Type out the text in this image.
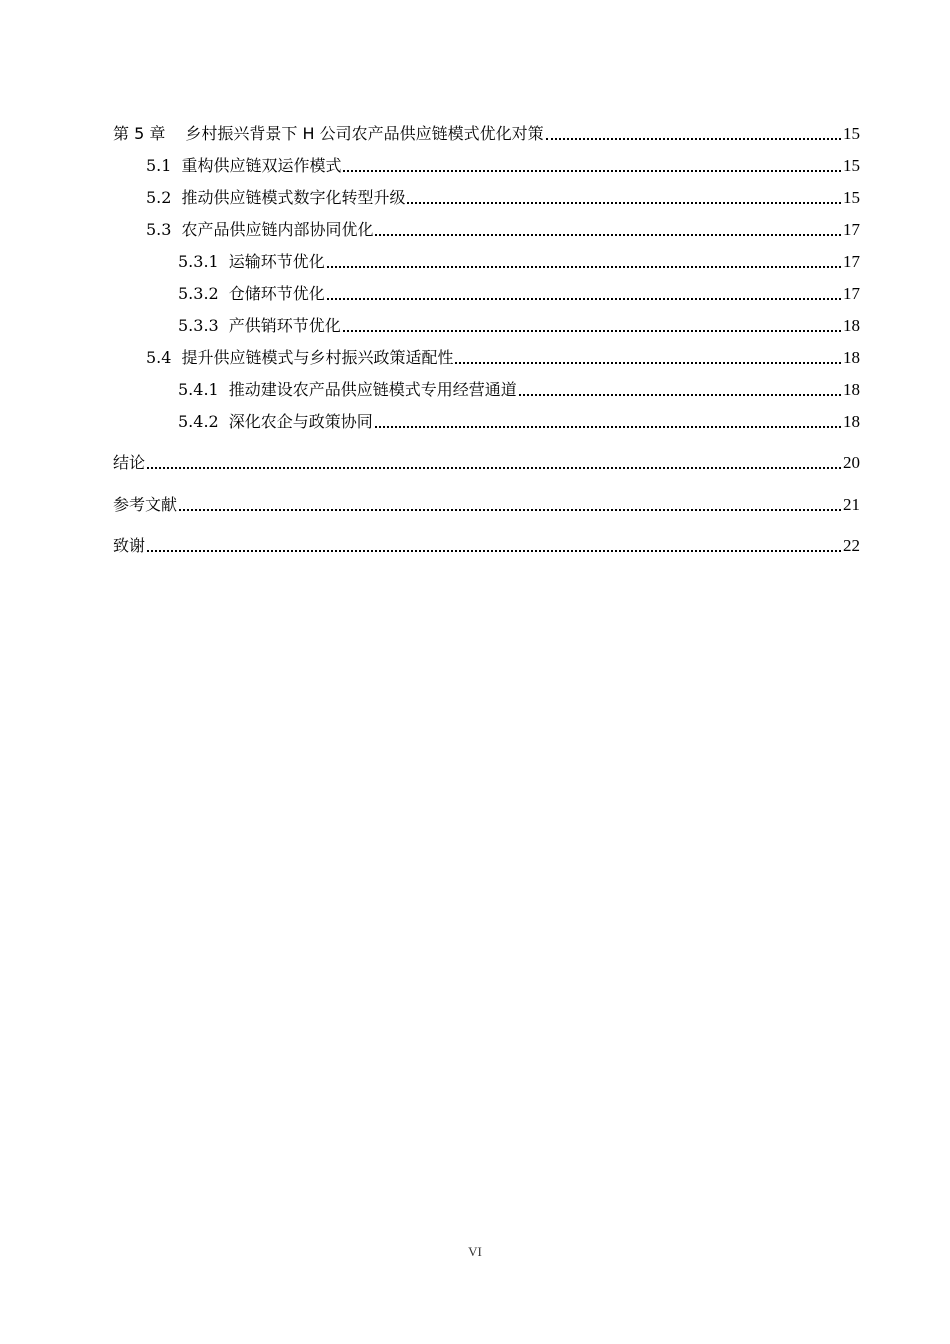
第 5 章 乡村振兴背景下 H 公司农产品供应链模式优化对策	15
5.1 重构供应链双运作模式	15
5.2 推动供应链模式数字化转型升级	15
5.3 农产品供应链内部协同优化	17
5.3.1 运输环节优化	17
5.3.2 仓储环节优化	17
5.3.3 产供销环节优化	18
5.4 提升供应链模式与乡村振兴政策适配性	18
5.4.1 推动建设农产品供应链模式专用经营通道	18
5.4.2 深化农企与政策协同	18
结论	20
参考文献	21
致谢	22
VI
